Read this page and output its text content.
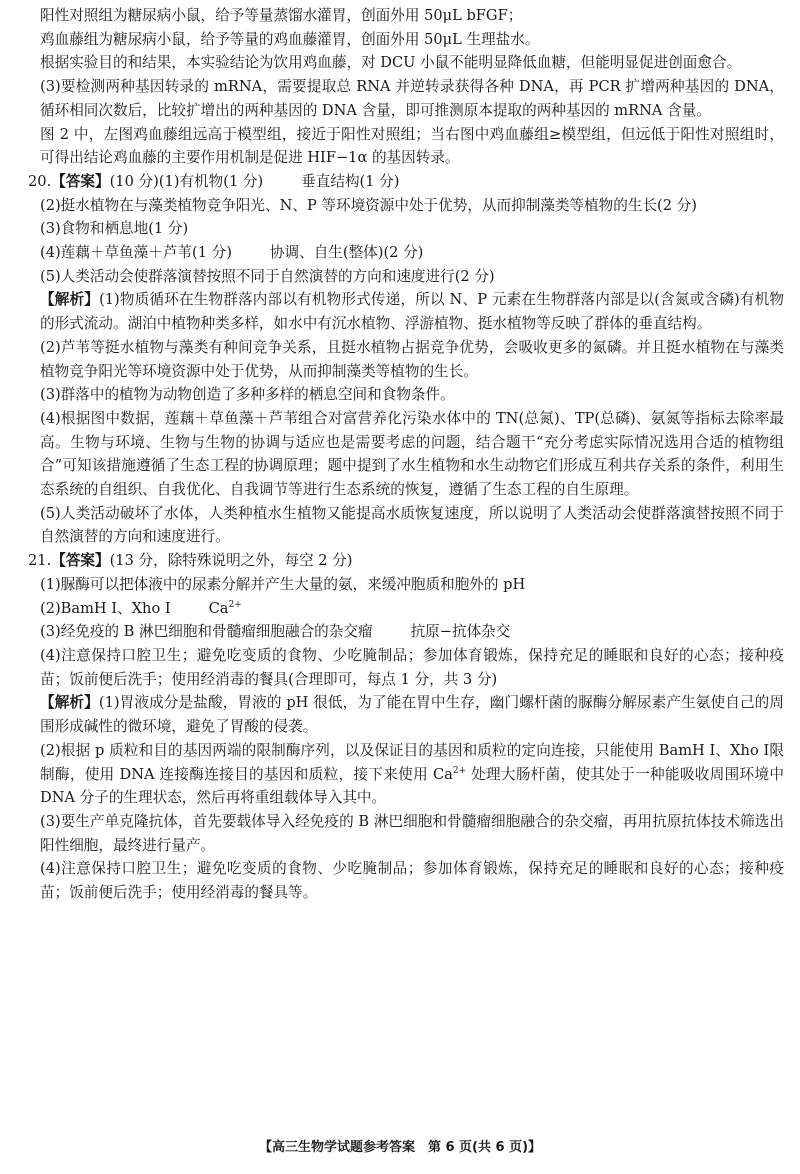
阳性对照组为糖尿病小鼠，给予等量蒸馏水灌胃，创面外用 50μL bFGF；

鸡血藤组为糖尿病小鼠，给予等量的鸡血藤灌胃，创面外用 50μL 生理盐水。

根据实验目的和结果，本实验结论为饮用鸡血藤，对 DCU 小鼠不能明显降低血糖，但能明显促进创面愈合。

(3)要检测两种基因转录的 mRNA，需要提取总 RNA 并逆转录获得各种 DNA，再 PCR 扩增两种基因的 DNA，循环相同次数后，比较扩增出的两种基因的 DNA 含量，即可推测原本提取的两种基因的 mRNA 含量。

图 2 中，左图鸡血藤组远高于模型组，接近于阳性对照组；当右图中鸡血藤组≥模型组，但远低于阳性对照组时，可得出结论鸡血藤的主要作用机制是促进 HIF−1α 的基因转录。

20.【答案】(10 分)(1)有机物(1 分)	垂直结构(1 分)

(2)挺水植物在与藻类植物竞争阳光、N、P 等环境资源中处于优势，从而抑制藻类等植物的生长(2 分)

(3)食物和栖息地(1 分)

(4)莲藕＋草鱼藻＋芦苇(1 分)	协调、自生(整体)(2 分)

(5)人类活动会使群落演替按照不同于自然演替的方向和速度进行(2 分)

【解析】(1)物质循环在生物群落内部以有机物形式传递，所以 N、P 元素在生物群落内部是以(含氮或含磷)有机物的形式流动。湖泊中植物种类多样，如水中有沉水植物、浮游植物、挺水植物等反映了群体的垂直结构。

(2)芦苇等挺水植物与藻类有种间竞争关系，且挺水植物占据竞争优势，会吸收更多的氮磷。并且挺水植物在与藻类植物竞争阳光等环境资源中处于优势，从而抑制藻类等植物的生长。

(3)群落中的植物为动物创造了多种多样的栖息空间和食物条件。

(4)根据图中数据，莲藕＋草鱼藻＋芦苇组合对富营养化污染水体中的 TN(总氮)、TP(总磷)、氨氮等指标去除率最高。生物与环境、生物与生物的协调与适应也是需要考虑的问题，结合题干“充分考虑实际情况选用合适的植物组合”可知该措施遵循了生态工程的协调原理；题中提到了水生植物和水生动物它们形成互利共存关系的条件，利用生态系统的自组织、自我优化、自我调节等进行生态系统的恢复，遵循了生态工程的自生原理。

(5)人类活动破坏了水体，人类种植水生植物又能提高水质恢复速度，所以说明了人类活动会使群落演替按照不同于自然演替的方向和速度进行。

21.【答案】(13 分，除特殊说明之外，每空 2 分)

(1)脲酶可以把体液中的尿素分解并产生大量的氨，来缓冲胞质和胞外的 pH

(2)BamH Ⅰ、Xho Ⅰ	$Ca^{2+}$

(3)经免疫的 B 淋巴细胞和骨髓瘤细胞融合的杂交瘤	抗原−抗体杂交

(4)注意保持口腔卫生；避免吃变质的食物、少吃腌制品；参加体育锻炼，保持充足的睡眠和良好的心态；接种疫苗；饭前便后洗手；使用经消毒的餐具(合理即可，每点 1 分，共 3 分)

【解析】(1)胃液成分是盐酸，胃液的 pH 很低，为了能在胃中生存，幽门螺杆菌的脲酶分解尿素产生氨使自己的周围形成碱性的微环境，避免了胃酸的侵袭。

(2)根据 p 质粒和目的基因两端的限制酶序列，以及保证目的基因和质粒的定向连接，只能使用 BamH Ⅰ、Xho Ⅰ限制酶，使用 DNA 连接酶连接目的基因和质粒，接下来使用 $Ca^{2+}$ 处理大肠杆菌，使其处于一种能吸收周围环境中 DNA 分子的生理状态，然后再将重组载体导入其中。

(3)要生产单克隆抗体，首先要载体导入经免疫的 B 淋巴细胞和骨髓瘤细胞融合的杂交瘤，再用抗原抗体技术筛选出阳性细胞，最终进行量产。

(4)注意保持口腔卫生；避免吃变质的食物、少吃腌制品；参加体育锻炼，保持充足的睡眠和良好的心态；接种疫苗；饭前便后洗手；使用经消毒的餐具等。

【高三生物学试题参考答案　第 6 页(共 6 页)】
